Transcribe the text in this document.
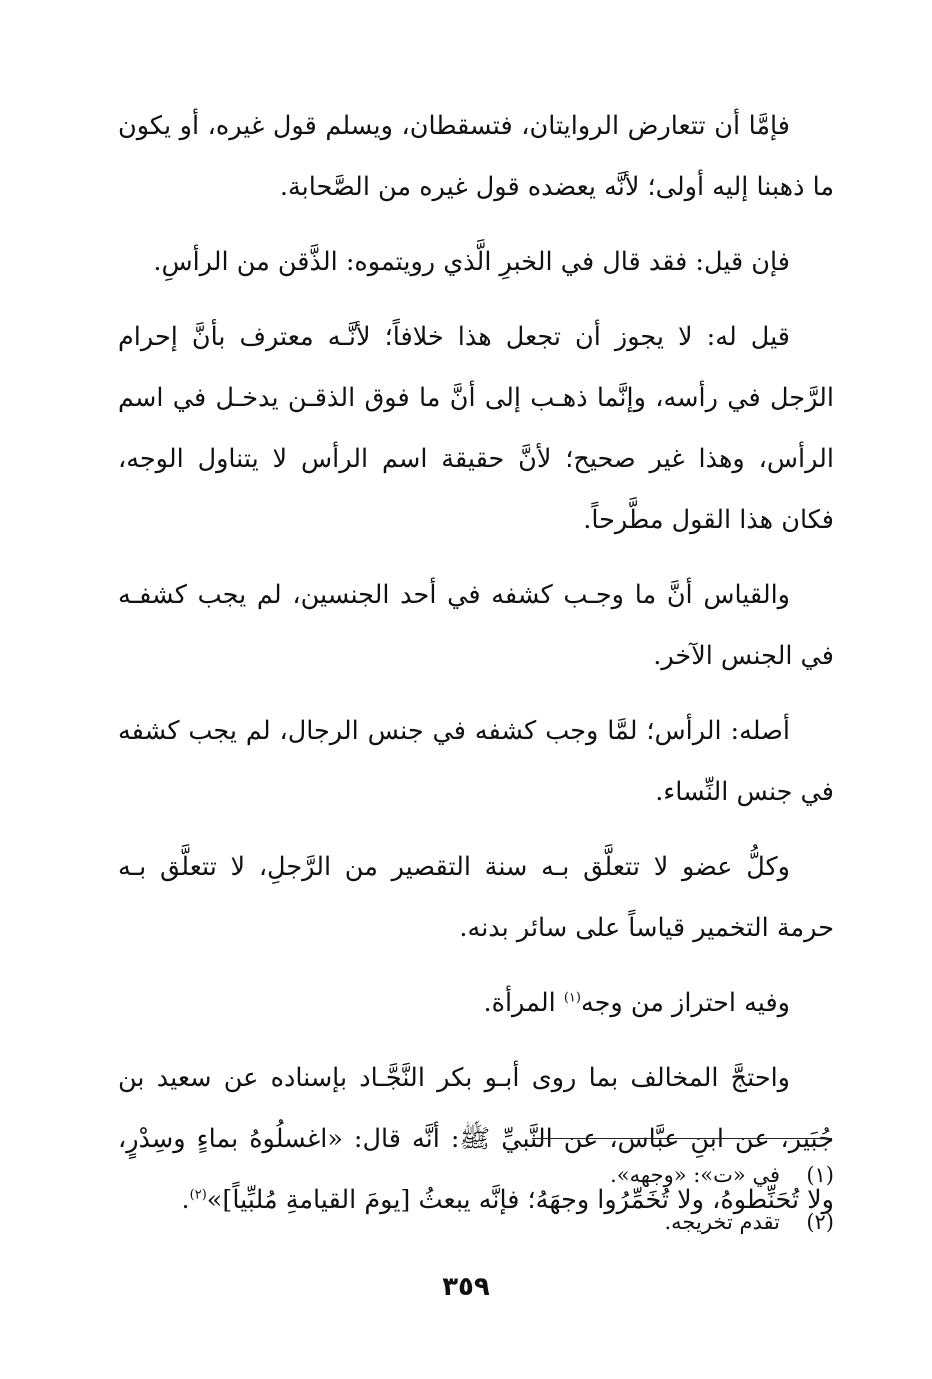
فإمَّا أن تتعارض الروايتان، فتسقطان، ويسلم قول غيره، أو يكون ما ذهبنا إليه أولى؛ لأنَّه يعضده قول غيره من الصَّحابة.

فإن قيل: فقد قال في الخبرِ الَّذي رويتموه: الذَّقن من الرأسِ.

قيل له: لا يجوز أن تجعل هذا خلافاً؛ لأنَّـه معترف بأنَّ إحرام الرَّجل في رأسه، وإنَّما ذهـب إلى أنَّ ما فوق الذقـن يدخـل في اسم الرأس، وهذا غير صحيح؛ لأنَّ حقيقة اسم الرأس لا يتناول الوجه، فكان هذا القول مطَّرحاً.

والقياس أنَّ ما وجـب كشفه في أحد الجنسين، لم يجب كشفـه في الجنس الآخر.

أصله: الرأس؛ لمَّا وجب كشفه في جنس الرجال، لم يجب كشفه في جنس النِّساء.

وكلُّ عضو لا تتعلَّق بـه سنة التقصير من الرَّجلِ، لا تتعلَّق بـه حرمة التخمير قياساً على سائر بدنه.

وفيه احتراز من وجه$^{(١)}$ المرأة.

واحتجَّ المخالف بما روى أبـو بكر النَّجَّـاد بإسناده عن سعيد بن جُبَير، عن ابنِ عبَّاس، عن النَّبيِّ ﷺ: أنَّه قال: «اغسلُوهُ بماءٍ وسِدْرٍ، ولا تُحَنِّطوهُ، ولا تُخَمِّرُوا وجهَهُ؛ فإنَّه يبعثُ [يومَ القيامةِ مُلبِّياً]»$^{(٢)}$.

(١)
في «ت»: «وجهه».
(٢)
تقدم تخريجه.
٣٥٩
